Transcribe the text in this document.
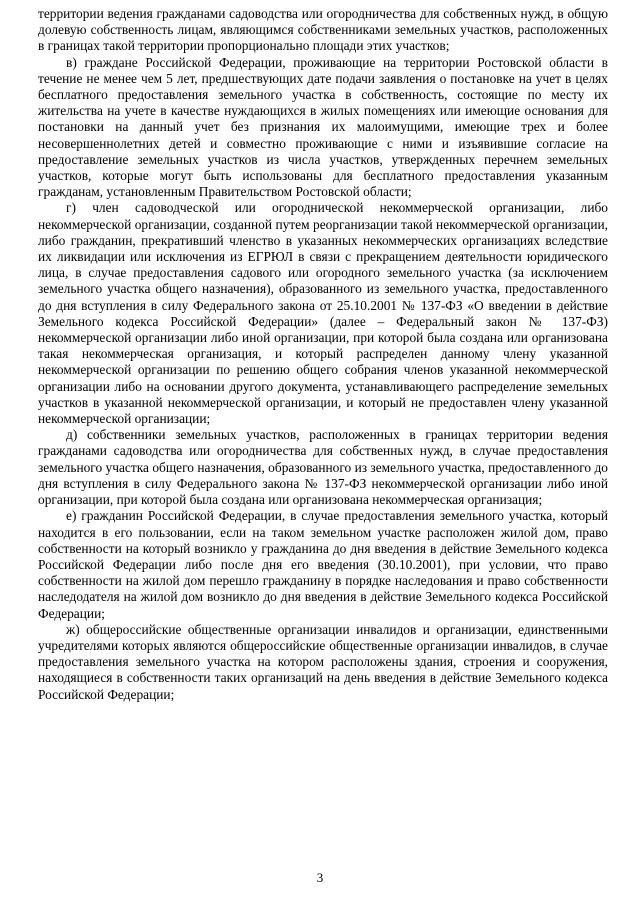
территории ведения гражданами садоводства или огородничества для собственных нужд, в общую долевую собственность лицам, являющимся собственниками земельных участков, расположенных в границах такой территории пропорционально площади этих участков;

в) граждане Российской Федерации, проживающие на территории Ростовской области в течение не менее чем 5 лет, предшествующих дате подачи заявления о постановке на учет в целях бесплатного предоставления земельного участка в собственность, состоящие по месту их жительства на учете в качестве нуждающихся в жилых помещениях или имеющие основания для постановки на данный учет без признания их малоимущими, имеющие трех и более несовершеннолетних детей и совместно проживающие с ними и изъявившие согласие на предоставление земельных участков из числа участков, утвержденных перечнем земельных участков, которые могут быть использованы для бесплатного предоставления указанным гражданам, установленным Правительством Ростовской области;

г) член садоводческой или огороднической некоммерческой организации, либо некоммерческой организации, созданной путем реорганизации такой некоммерческой организации, либо гражданин, прекративший членство в указанных некоммерческих организациях вследствие их ликвидации или исключения из ЕГРЮЛ в связи с прекращением деятельности юридического лица, в случае предоставления садового или огородного земельного участка (за исключением земельного участка общего назначения), образованного из земельного участка, предоставленного до дня вступления в силу Федерального закона от 25.10.2001 № 137-ФЗ «О введении в действие Земельного кодекса Российской Федерации» (далее – Федеральный закон № 137-ФЗ) некоммерческой организации либо иной организации, при которой была создана или организована такая некоммерческая организация, и который распределен данному члену указанной некоммерческой организации по решению общего собрания членов указанной некоммерческой организации либо на основании другого документа, устанавливающего распределение земельных участков в указанной некоммерческой организации, и который не предоставлен члену указанной некоммерческой организации;

д) собственники земельных участков, расположенных в границах территории ведения гражданами садоводства или огородничества для собственных нужд, в случае предоставления земельного участка общего назначения, образованного из земельного участка, предоставленного до дня вступления в силу Федерального закона № 137-ФЗ некоммерческой организации либо иной организации, при которой была создана или организована некоммерческая организация;

е) гражданин Российской Федерации, в случае предоставления земельного участка, который находится в его пользовании, если на таком земельном участке расположен жилой дом, право собственности на который возникло у гражданина до дня введения в действие Земельного кодекса Российской Федерации либо после дня его введения (30.10.2001), при условии, что право собственности на жилой дом перешло гражданину в порядке наследования и право собственности наследодателя на жилой дом возникло до дня введения в действие Земельного кодекса Российской Федерации;

ж) общероссийские общественные организации инвалидов и организации, единственными учредителями которых являются общероссийские общественные организации инвалидов, в случае предоставления земельного участка на котором расположены здания, строения и сооружения, находящиеся в собственности таких организаций на день введения в действие Земельного кодекса Российской Федерации;

3
